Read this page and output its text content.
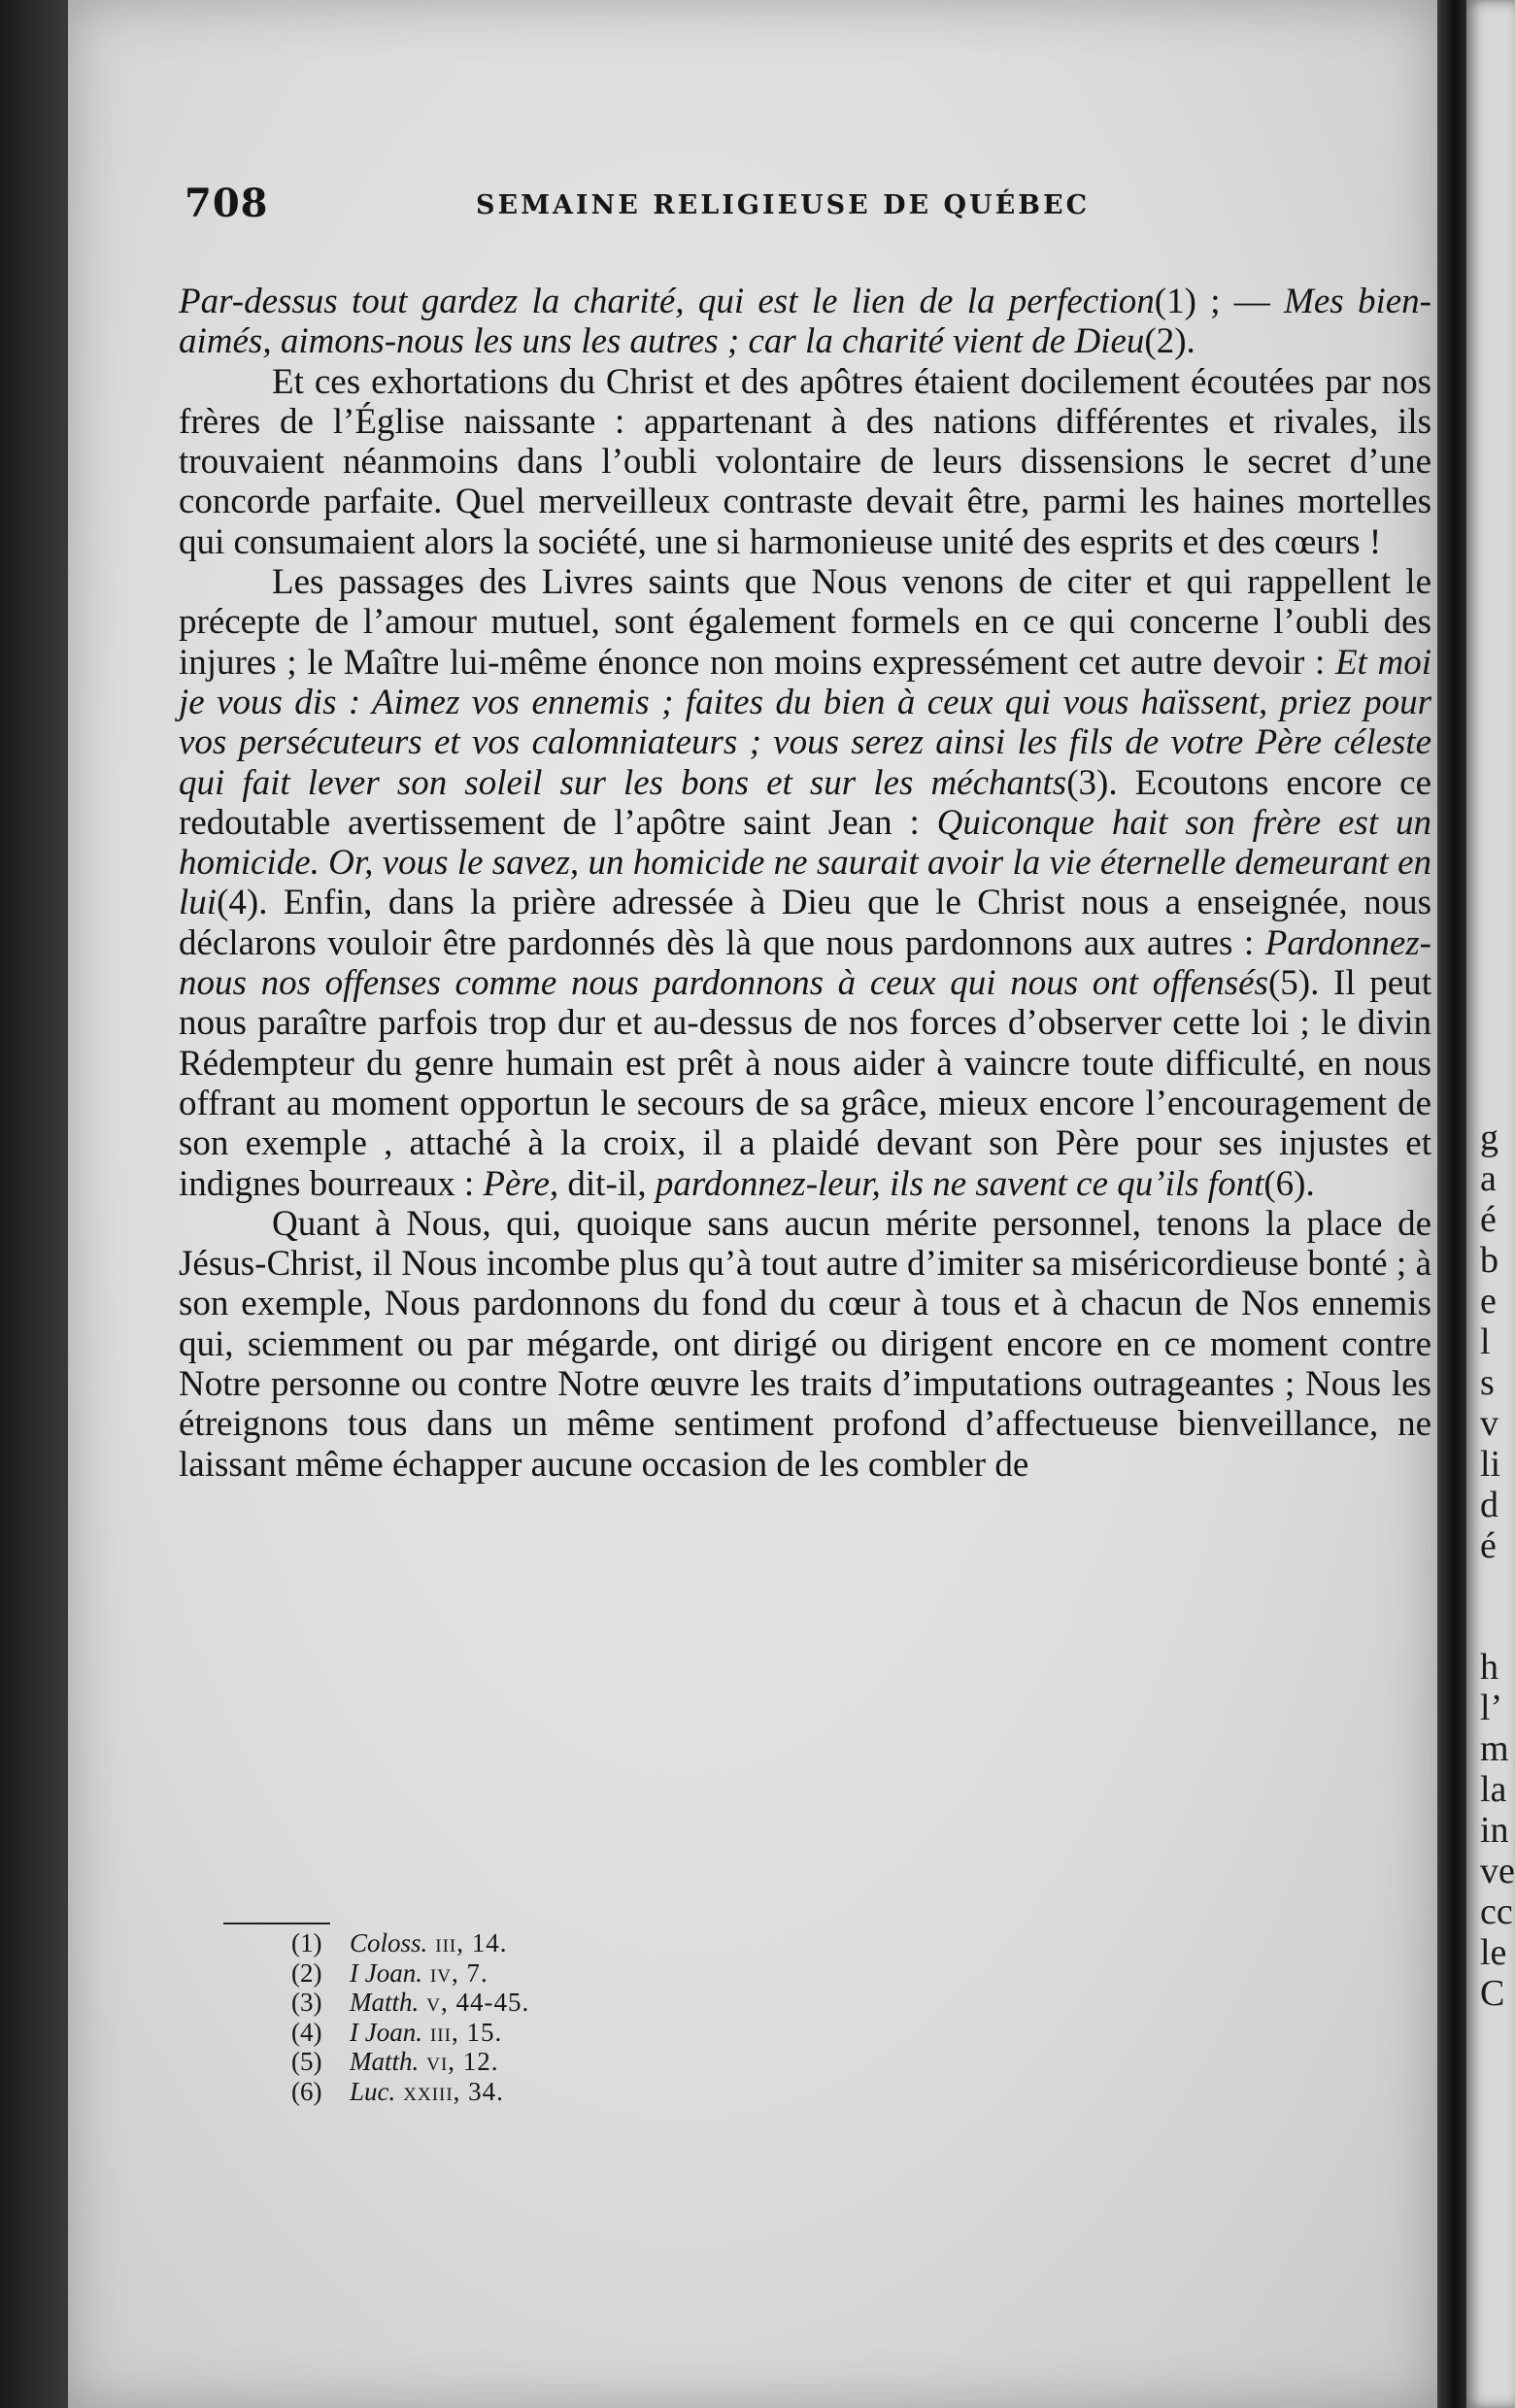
708	SEMAINE RELIGIEUSE DE QUÉBEC

Par-dessus tout gardez la charité, qui est le lien de la perfection(1) ; — Mes bien-aimés, aimons-nous les uns les autres ; car la charité vient de Dieu(2).

Et ces exhortations du Christ et des apôtres étaient docilement écoutées par nos frères de l’Église naissante : appartenant à des nations différentes et rivales, ils trouvaient néanmoins dans l’oubli volontaire de leurs dissensions le secret d’une concorde parfaite. Quel merveilleux contraste devait être, parmi les haines mortelles qui consumaient alors la société, une si harmonieuse unité des esprits et des cœurs !

Les passages des Livres saints que Nous venons de citer et qui rappellent le précepte de l’amour mutuel, sont également formels en ce qui concerne l’oubli des injures ; le Maître lui-même énonce non moins expressément cet autre devoir : Et moi je vous dis : Aimez vos ennemis ; faites du bien à ceux qui vous haïssent, priez pour vos persécuteurs et vos calomniateurs ; vous serez ainsi les fils de votre Père céleste qui fait lever son soleil sur les bons et sur les méchants(3). Ecoutons encore ce redoutable avertissement de l’apôtre saint Jean : Quiconque hait son frère est un homicide. Or, vous le savez, un homicide ne saurait avoir la vie éternelle demeurant en lui(4). Enfin, dans la prière adressée à Dieu que le Christ nous a enseignée, nous déclarons vouloir être pardonnés dès là que nous pardonnons aux autres : Pardonnez-nous nos offenses comme nous pardonnons à ceux qui nous ont offensés(5). Il peut nous paraître parfois trop dur et au-dessus de nos forces d’observer cette loi ; le divin Rédempteur du genre humain est prêt à nous aider à vaincre toute difficulté, en nous offrant au moment opportun le secours de sa grâce, mieux encore l’encouragement de son exemple , attaché à la croix, il a plaidé devant son Père pour ses injustes et indignes bourreaux : Père, dit-il, pardonnez-leur, ils ne savent ce qu’ils font(6).

Quant à Nous, qui, quoique sans aucun mérite personnel, tenons la place de Jésus-Christ, il Nous incombe plus qu’à tout autre d’imiter sa miséricordieuse bonté ; à son exemple, Nous pardonnons du fond du cœur à tous et à chacun de Nos ennemis qui, sciemment ou par mégarde, ont dirigé ou dirigent encore en ce moment contre Notre personne ou contre Notre œuvre les traits d’imputations outrageantes ; Nous les étreignons tous dans un même sentiment profond d’affectueuse bienveillance, ne laissant même échapper aucune occasion de les combler de

(1)	Coloss. iii, 14.
(2)	I Joan. iv, 7.
(3)	Matth. v, 44-45.
(4)	I Joan. iii, 15.
(5)	Matth. vi, 12.
(6)	Luc. xxiii, 34.
g
a
é
b
e
l
s
v
li
d
é
h
l’
m
la
in
ve
cc
le
C
